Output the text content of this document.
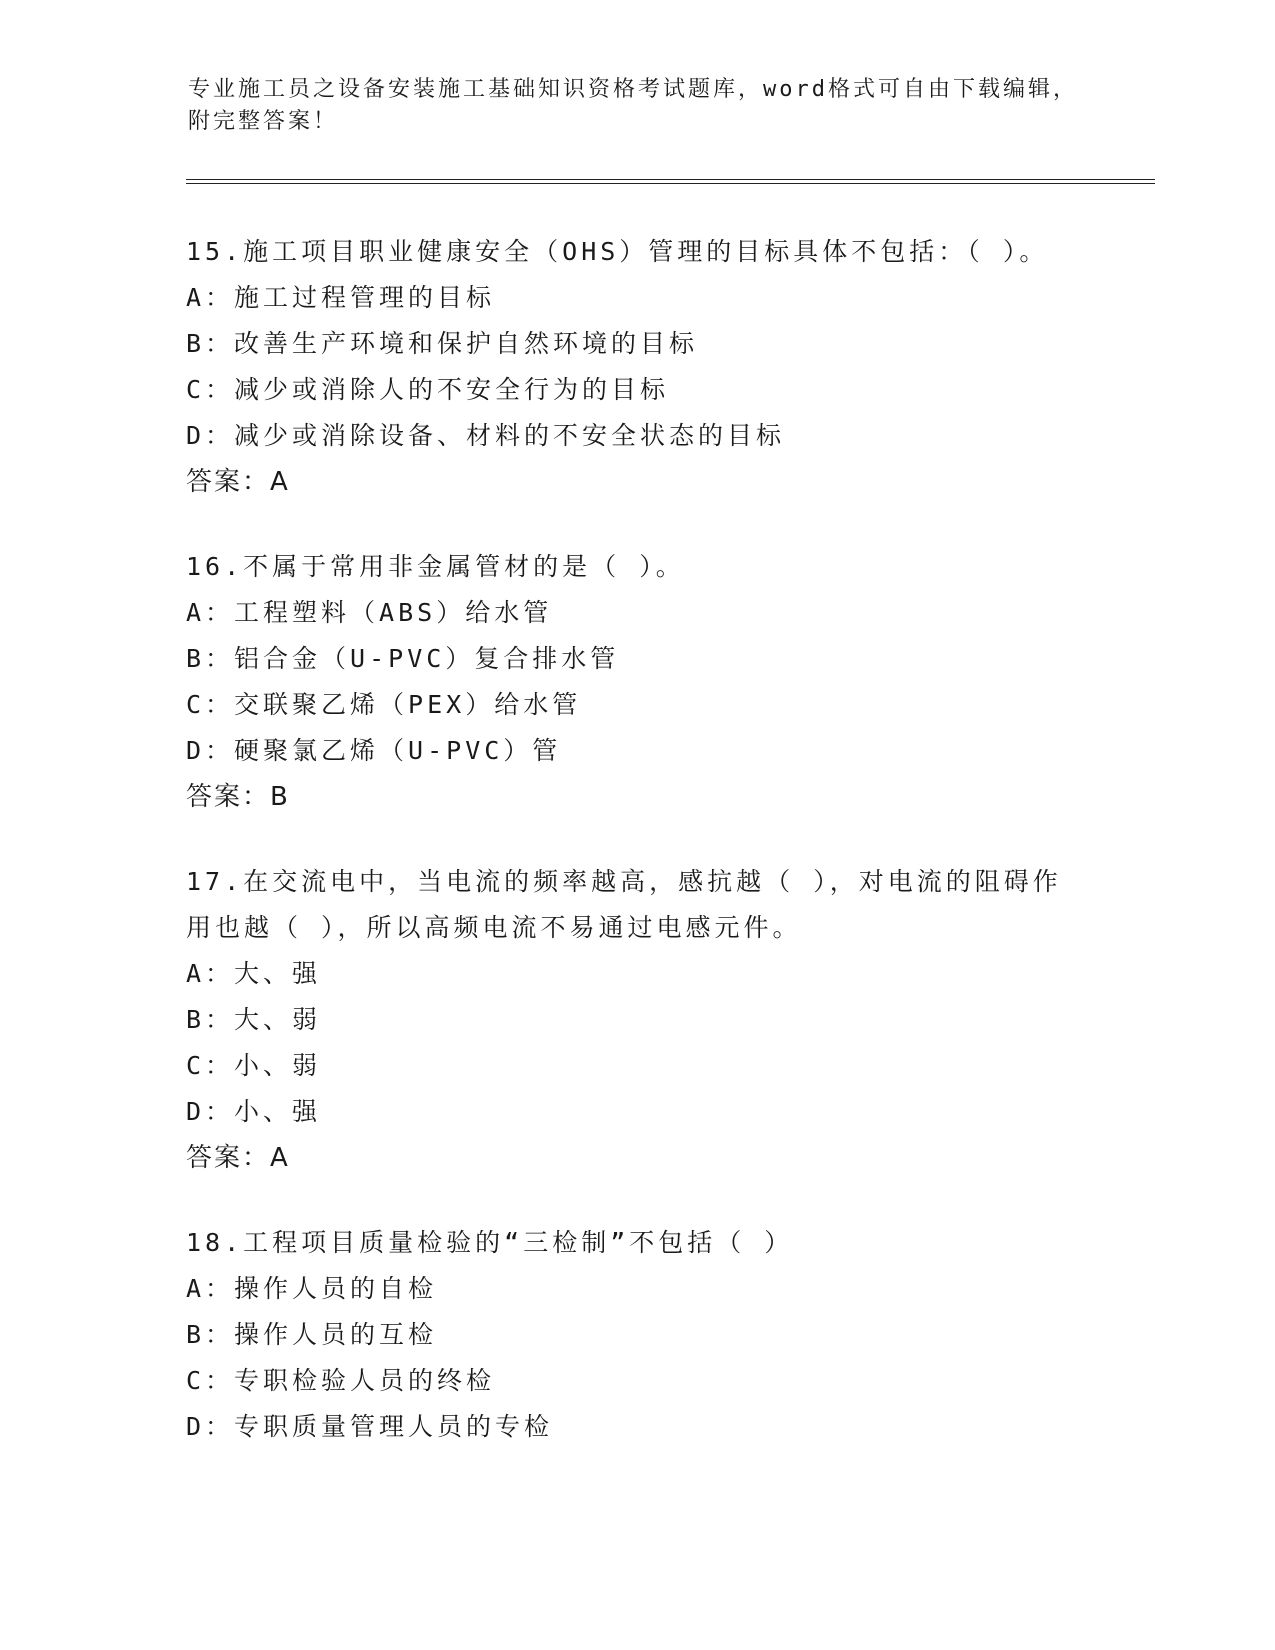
专业施工员之设备安装施工基础知识资格考试题库，word格式可自由下载编辑，
附完整答案！
15.施工项目职业健康安全（OHS）管理的目标具体不包括：（ ）。
A：施工过程管理的目标
B：改善生产环境和保护自然环境的目标
C：减少或消除人的不安全行为的目标
D：减少或消除设备、材料的不安全状态的目标
答案：A
16.不属于常用非金属管材的是（ ）。
A：工程塑料（ABS）给水管
B：铝合金（U-PVC）复合排水管
C：交联聚乙烯（PEX）给水管
D：硬聚氯乙烯（U-PVC）管
答案：B
17.在交流电中，当电流的频率越高，感抗越（ ），对电流的阻碍作
用也越（ ），所以高频电流不易通过电感元件。
A：大、强
B：大、弱
C：小、弱
D：小、强
答案：A
18.工程项目质量检验的“三检制”不包括（ ）
A：操作人员的自检
B：操作人员的互检
C：专职检验人员的终检
D：专职质量管理人员的专检
